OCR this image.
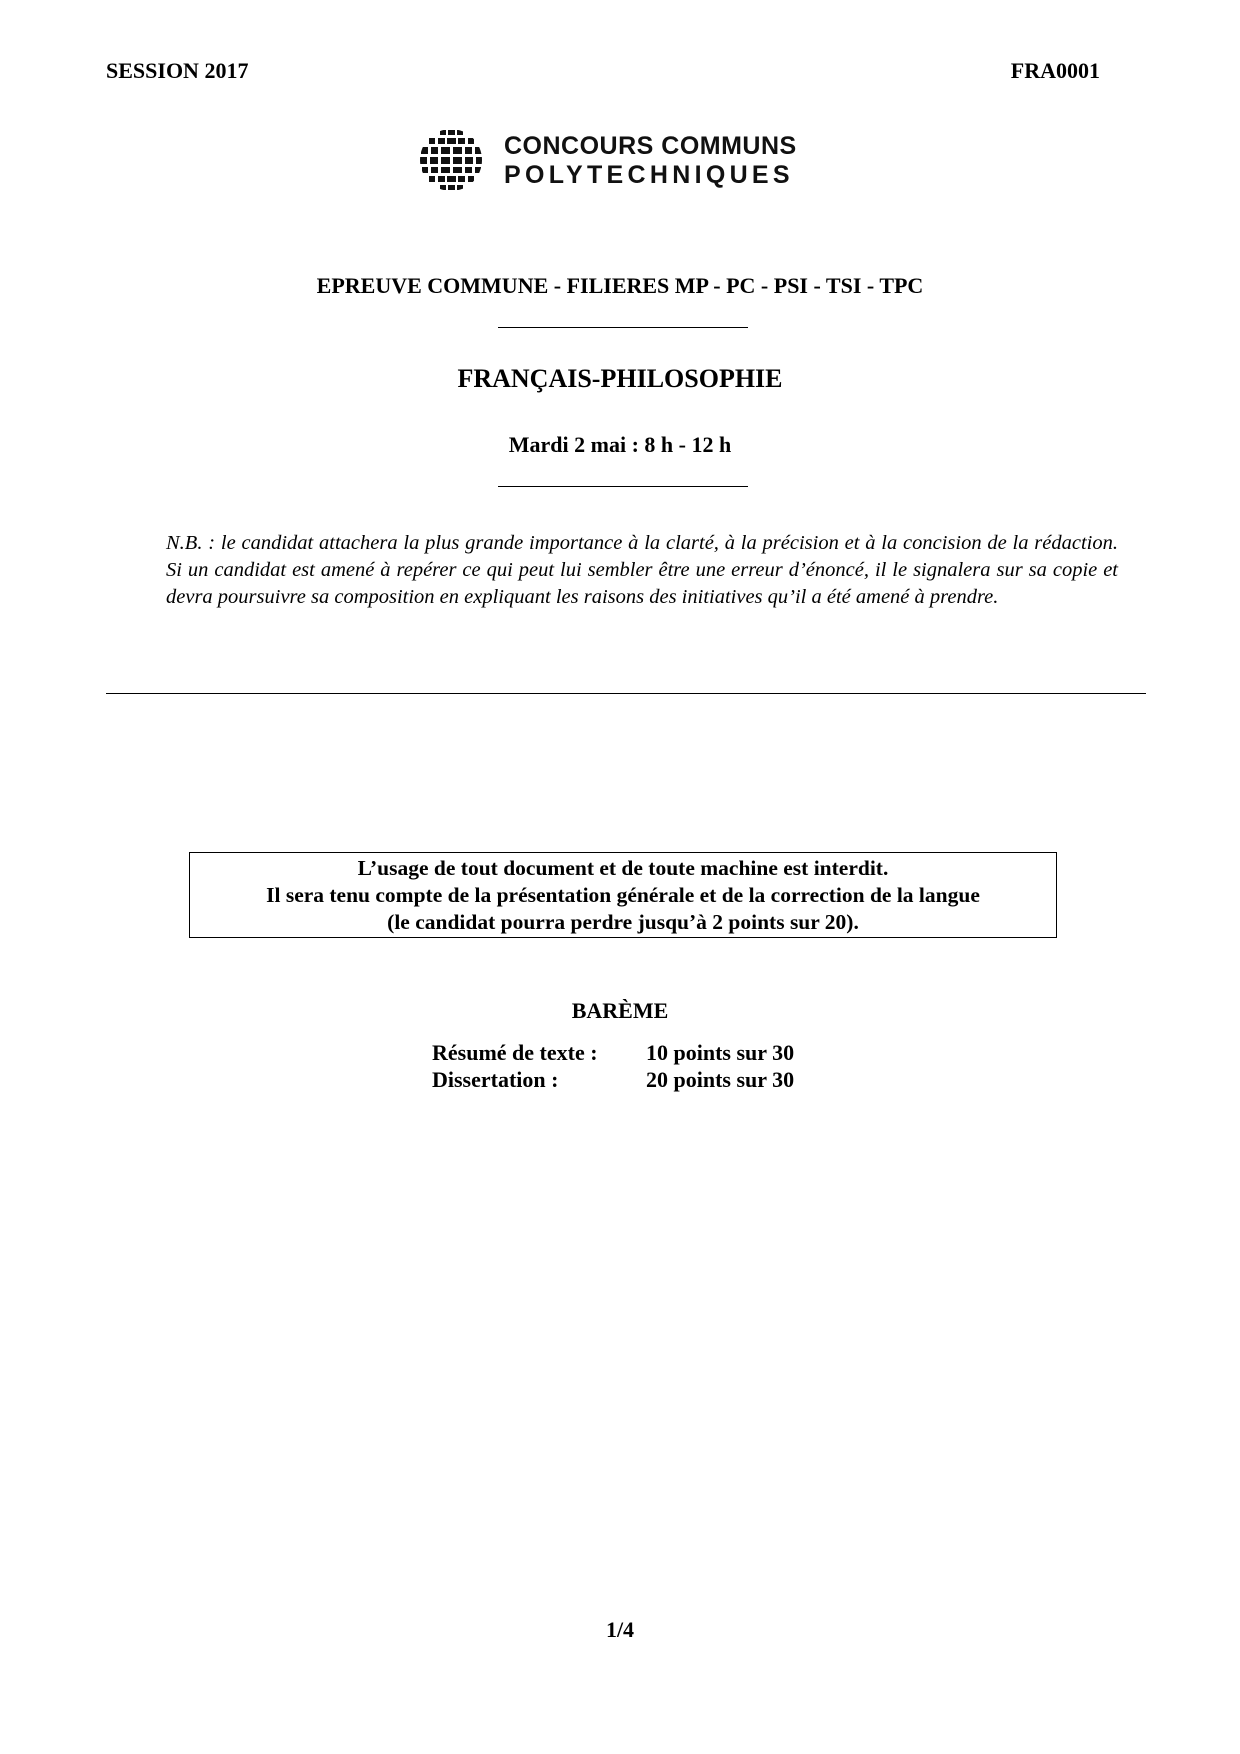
SESSION 2017	FRA0001
CONCOURS COMMUNS
POLYTECHNIQUES
EPREUVE COMMUNE - FILIERES MP - PC - PSI - TSI - TPC
FRANÇAIS-PHILOSOPHIE
Mardi 2 mai : 8 h - 12 h
N.B. : le candidat attachera la plus grande importance à la clarté, à la précision et à la concision de la rédaction. Si un candidat est amené à repérer ce qui peut lui sembler être une erreur d’énoncé, il le signalera sur sa copie et devra poursuivre sa composition en expliquant les raisons des initiatives qu’il a été amené à prendre.
L’usage de tout document et de toute machine est interdit.
Il sera tenu compte de la présentation générale et de la correction de la langue
(le candidat pourra perdre jusqu’à 2 points sur 20).
BARÈME
Résumé de texte : 10 points sur 30
Dissertation :	20 points sur 30
1/4
